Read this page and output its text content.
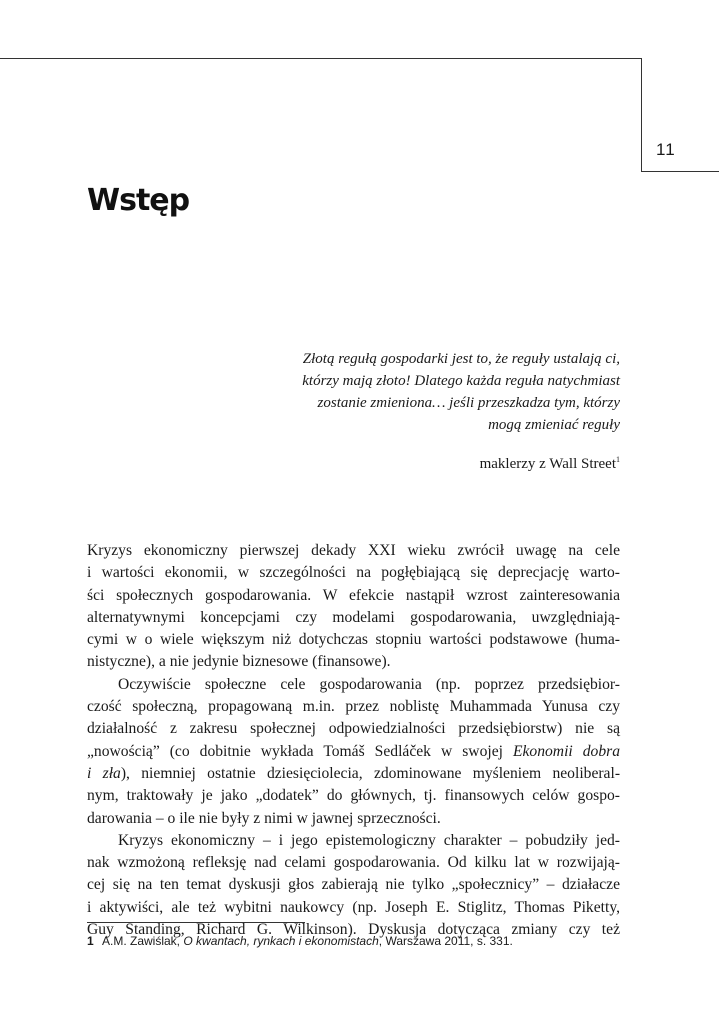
11
Wstęp
Złotą regułą gospodarki jest to, że reguły ustalają ci,
którzy mają złoto! Dlatego każda reguła natychmiast
zostanie zmieniona… jeśli przeszkadza tym, którzy
mogą zmieniać reguły
maklerzy z Wall Street$^1$
Kryzys ekonomiczny pierwszej dekady XXI wieku zwrócił uwagę na cele
i wartości ekonomii, w szczególności na pogłębiającą się deprecjację warto-
ści społecznych gospodarowania. W efekcie nastąpił wzrost zainteresowania
alternatywnymi koncepcjami czy modelami gospodarowania, uwzględniają-
cymi w o wiele większym niż dotychczas stopniu wartości podstawowe (huma-
nistyczne), a nie jedynie biznesowe (finansowe).
Oczywiście społeczne cele gospodarowania (np. poprzez przedsiębior-
czość społeczną, propagowaną m.in. przez noblistę Muhammada Yunusa czy
działalność z zakresu społecznej odpowiedzialności przedsiębiorstw) nie są
„nowością” (co dobitnie wykłada Tomáš Sedláček w swojej Ekonomii dobra
i zła), niemniej ostatnie dziesięciolecia, zdominowane myśleniem neoliberal-
nym, traktowały je jako „dodatek” do głównych, tj. finansowych celów gospo-
darowania – o ile nie były z nimi w jawnej sprzeczności.
Kryzys ekonomiczny – i jego epistemologiczny charakter – pobudziły jed-
nak wzmożoną refleksję nad celami gospodarowania. Od kilku lat w rozwijają-
cej się na ten temat dyskusji głos zabierają nie tylko „społecznicy” – działacze
i aktywiści, ale też wybitni naukowcy (np. Joseph E. Stiglitz, Thomas Piketty,
Guy Standing, Richard G. Wilkinson). Dyskusja dotycząca zmiany czy też
1 A.M. Zawiślak, O kwantach, rynkach i ekonomistach, Warszawa 2011, s. 331.
